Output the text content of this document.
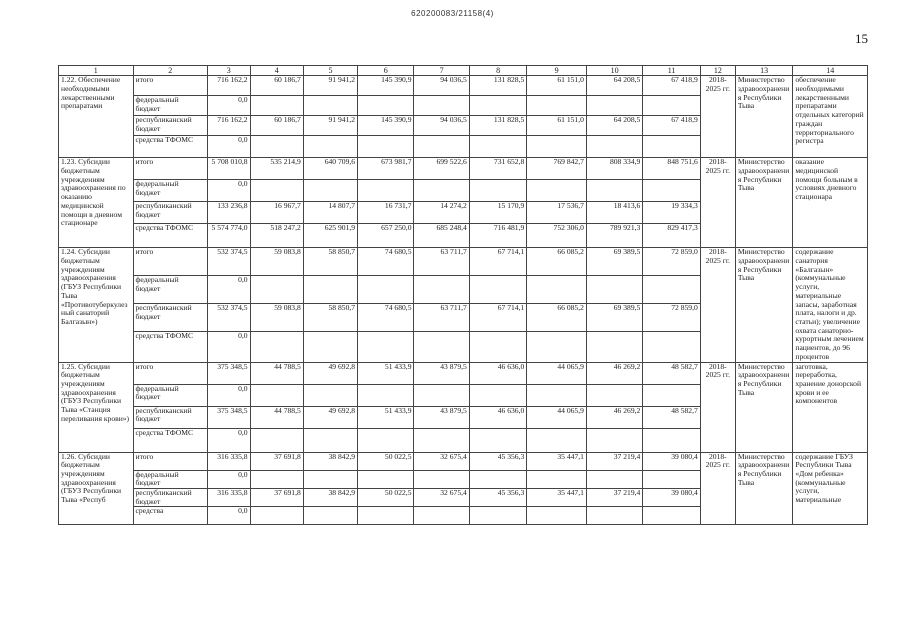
620200083/21158(4)
15
1	2	3	4	5	6	7	8	9	10	11	12	13	14
1.22. Обеспечение необходимыми лекарственными препаратами	итого	716 162,2	60 186,7	91 941,2	145 390,9	94 036,5	131 828,5	61 151,0	64 208,5	67 418,9	2018-2025 гг.	Министерство здравоохранения Республики Тыва	обеспечение необходимыми лекарственными препаратами отдельных категорий граждан территориального регистра
	федеральный бюджет	0,0											
	республиканский бюджет	716 162,2	60 186,7	91 941,2	145 390,9	94 036,5	131 828,5	61 151,0	64 208,5	67 418,9			
	средства ТФОМС	0,0											
1.23. Субсидии бюджетным учреждениям здравоохранения по оказанию медицинской помощи в дневном стационаре	итого	5 708 010,8	535 214,9	640 709,6	673 981,7	699 522,6	731 652,8	769 842,7	808 334,9	848 751,6	2018-2025 гг.	Министерство здравоохранения Республики Тыва	оказание медицинской помощи больным в условиях дневного стационара
	федеральный бюджет	0,0											
	республиканский бюджет	133 236,8	16 967,7	14 807,7	16 731,7	14 274,2	15 170,9	17 536,7	18 413,6	19 334,3			
	средства ТФОМС	5 574 774,0	518 247,2	625 901,9	657 250,0	685 248,4	716 481,9	752 306,0	789 921,3	829 417,3			
1.24. Субсидии бюджетным учреждениям здравоохранения (ГБУЗ Республики Тыва «Противотуберкулезный санаторий Балгазын»)	итого	532 374,5	59 083,8	58 850,7	74 680,5	63 711,7	67 714,1	66 085,2	69 389,5	72 859,0	2018-2025 гг.	Министерство здравоохранения Республики Тыва	содержание санатория «Балгазын» (коммунальные услуги, материальные запасы, заработная плата, налоги и др. статьи); увеличение охвата санаторно-курортным лечением пациентов, до 96 процентов
	федеральный бюджет	0,0											
	республиканский бюджет	532 374,5	59 083,8	58 850,7	74 680,5	63 711,7	67 714,1	66 085,2	69 389,5	72 859,0			
	средства ТФОМС	0,0											
1.25. Субсидии бюджетным учреждениям здравоохранения (ГБУЗ Республики Тыва «Станция переливания крови»)	итого	375 348,5	44 788,5	49 692,8	51 433,9	43 879,5	46 636,0	44 065,9	46 269,2	48 582,7	2018-2025 гг.	Министерство здравоохранения Республики Тыва	заготовка, переработка, хранение донорской крови и ее компонентов
	федеральный бюджет	0,0											
	республиканский бюджет	375 348,5	44 788,5	49 692,8	51 433,9	43 879,5	46 636,0	44 065,9	46 269,2	48 582,7			
	средства ТФОМС	0,0											
1.26. Субсидии бюджетным учреждениям здравоохранения (ГБУЗ Республики Тыва «Респуб	итого	316 335,8	37 691,8	38 842,9	50 022,5	32 675,4	45 356,3	35 447,1	37 219,4	39 080,4	2018-2025 гг.	Министерство здравоохранения Республики Тыва	содержание ГБУЗ Республики Тыва «Дом ребенка» (коммунальные услуги, материальные
	федеральный бюджет	0,0											
	республиканский бюджет	316 335,8	37 691,8	38 842,9	50 022,5	32 675,4	45 356,3	35 447,1	37 219,4	39 080,4			
	средства	0,0											
